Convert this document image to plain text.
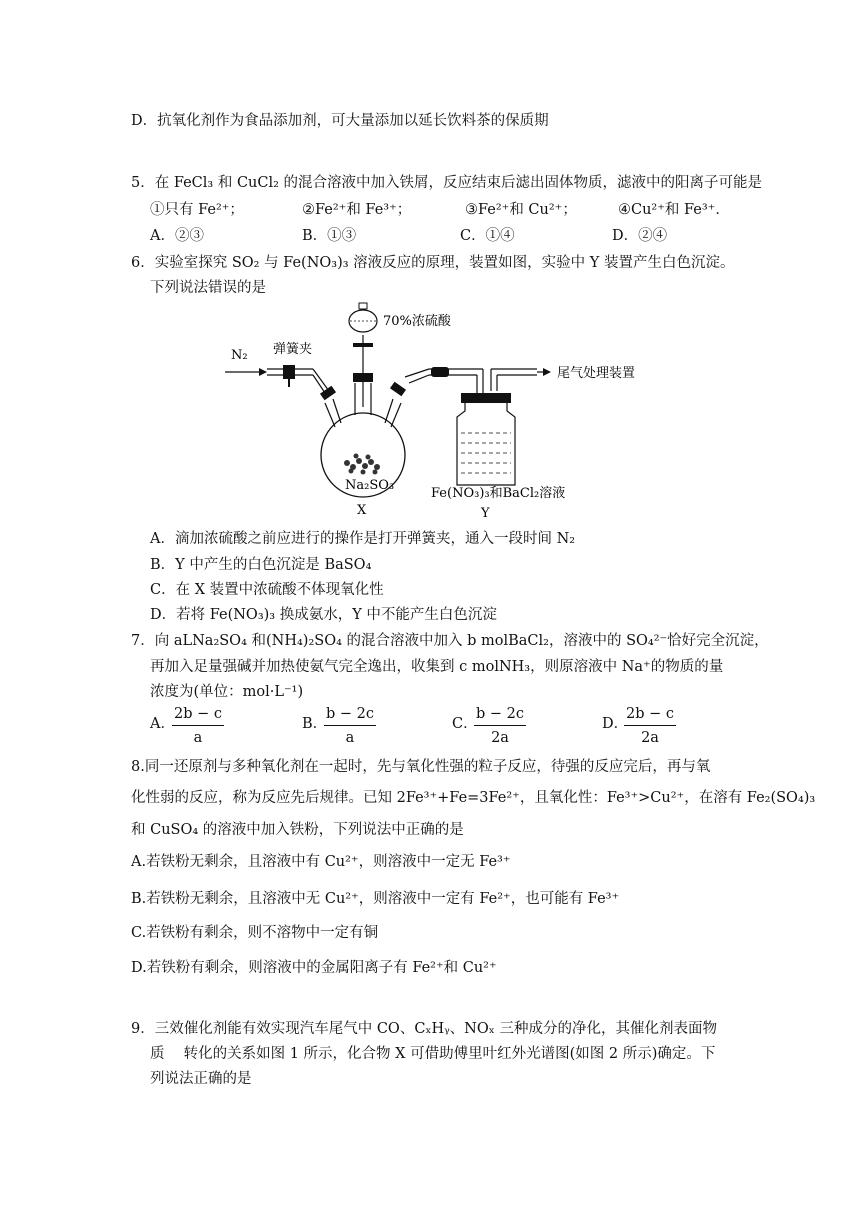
D．抗氧化剂作为食品添加剂，可大量添加以延长饮料茶的保质期
5．在 FeCl₃ 和 CuCl₂ 的混合溶液中加入铁屑，反应结束后滤出固体物质，滤液中的阳离子可能是
①只有 Fe²⁺；	②Fe²⁺和 Fe³⁺；	③Fe²⁺和 Cu²⁺；	④Cu²⁺和 Fe³⁺．
A．②③	B．①③	C．①④	D．②④
6．实验室探究 SO₂ 与 Fe(NO₃)₃ 溶液反应的原理，装置如图，实验中 Y 装置产生白色沉淀。
下列说法错误的是
N₂ 弹簧夹
70%浓硫酸
Na₂SO₃
X
尾气处理装置
Fe(NO₃)₃和BaCl₂溶液
Y
A．滴加浓硫酸之前应进行的操作是打开弹簧夹，通入一段时间 N₂
B．Y 中产生的白色沉淀是 BaSO₄
C．在 X 装置中浓硫酸不体现氧化性
D．若将 Fe(NO₃)₃ 换成氨水，Y 中不能产生白色沉淀
7．向 aLNa₂SO₄ 和(NH₄)₂SO₄ 的混合溶液中加入 b molBaCl₂，溶液中的 SO₄²⁻恰好完全沉淀，
再加入足量强碱并加热使氨气完全逸出，收集到 c molNH₃，则原溶液中 Na⁺的物质的量
浓度为(单位：mol·L⁻¹)
A．
$\frac{2b - c}{a}$	B．
$\frac{b - 2c}{a}$	C．
$\frac{b - 2c}{2a}$	D．
$\frac{2b - c}{2a}$
8.同一还原剂与多种氧化剂在一起时，先与氧化性强的粒子反应，待强的反应完后，再与氧
化性弱的反应，称为反应先后规律。已知 2Fe³⁺+Fe=3Fe²⁺，且氧化性：Fe³⁺>Cu²⁺，在溶有 Fe₂(SO₄)₃
和 CuSO₄ 的溶液中加入铁粉，下列说法中正确的是
A.若铁粉无剩余，且溶液中有 Cu²⁺，则溶液中一定无 Fe³⁺
B.若铁粉无剩余，且溶液中无 Cu²⁺，则溶液中一定有 Fe²⁺，也可能有 Fe³⁺
C.若铁粉有剩余，则不溶物中一定有铜
D.若铁粉有剩余，则溶液中的金属阳离子有 Fe²⁺和 Cu²⁺
9．三效催化剂能有效实现汽车尾气中 CO、CₓHᵧ、NOₓ 三种成分的净化，其催化剂表面物
质　 转化的关系如图 1 所示，化合物 X 可借助傅里叶红外光谱图(如图 2 所示)确定。下
列说法正确的是
